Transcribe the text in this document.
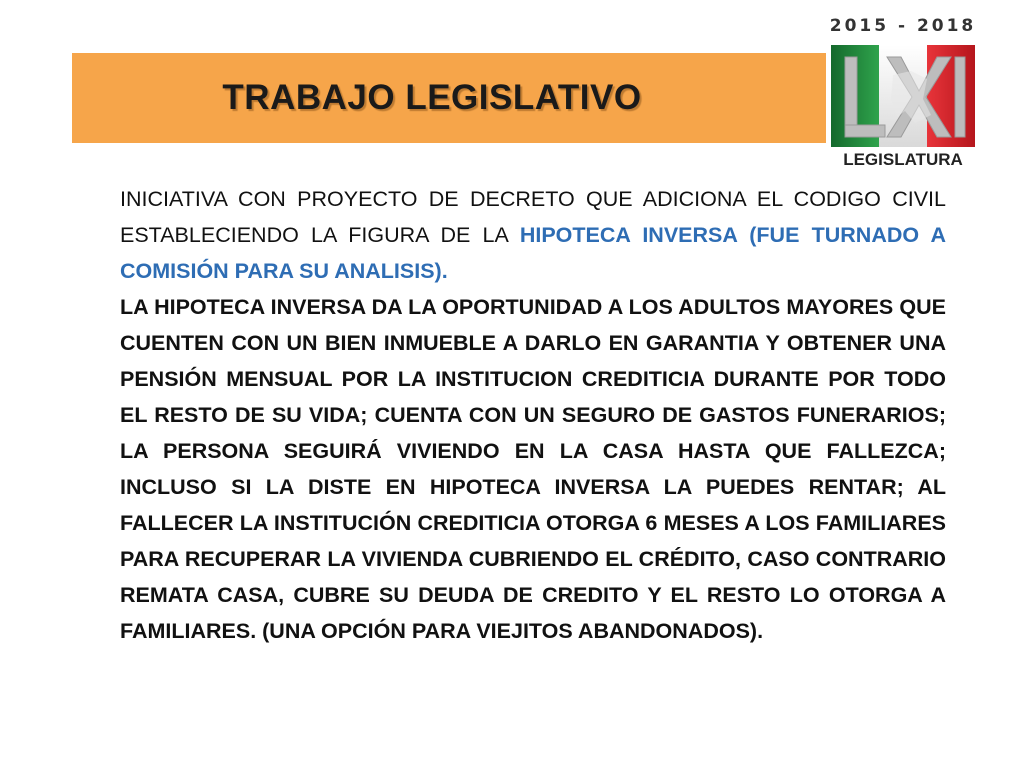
TRABAJO LEGISLATIVO
2015 - 2018
LEGISLATURA

INICIATIVA CON PROYECTO DE DECRETO QUE ADICIONA EL CODIGO CIVIL ESTABLECIENDO LA FIGURA DE LA HIPOTECA INVERSA (FUE TURNADO A COMISIÓN PARA SU ANALISIS).

LA HIPOTECA INVERSA DA LA OPORTUNIDAD A LOS ADULTOS MAYORES QUE CUENTEN CON UN BIEN INMUEBLE A DARLO EN GARANTIA Y OBTENER UNA PENSIÓN MENSUAL POR LA INSTITUCION CREDITICIA DURANTE POR TODO EL RESTO DE SU VIDA; CUENTA CON UN SEGURO DE GASTOS FUNERARIOS; LA PERSONA SEGUIRÁ VIVIENDO EN LA CASA HASTA QUE FALLEZCA; INCLUSO SI LA DISTE EN HIPOTECA INVERSA LA PUEDES RENTAR; AL FALLECER LA INSTITUCIÓN CREDITICIA OTORGA 6 MESES A LOS FAMILIARES PARA RECUPERAR LA VIVIENDA CUBRIENDO EL CRÉDITO, CASO CONTRARIO REMATA CASA, CUBRE SU DEUDA DE CREDITO Y EL RESTO LO OTORGA A FAMILIARES. (UNA OPCIÓN PARA VIEJITOS ABANDONADOS).
